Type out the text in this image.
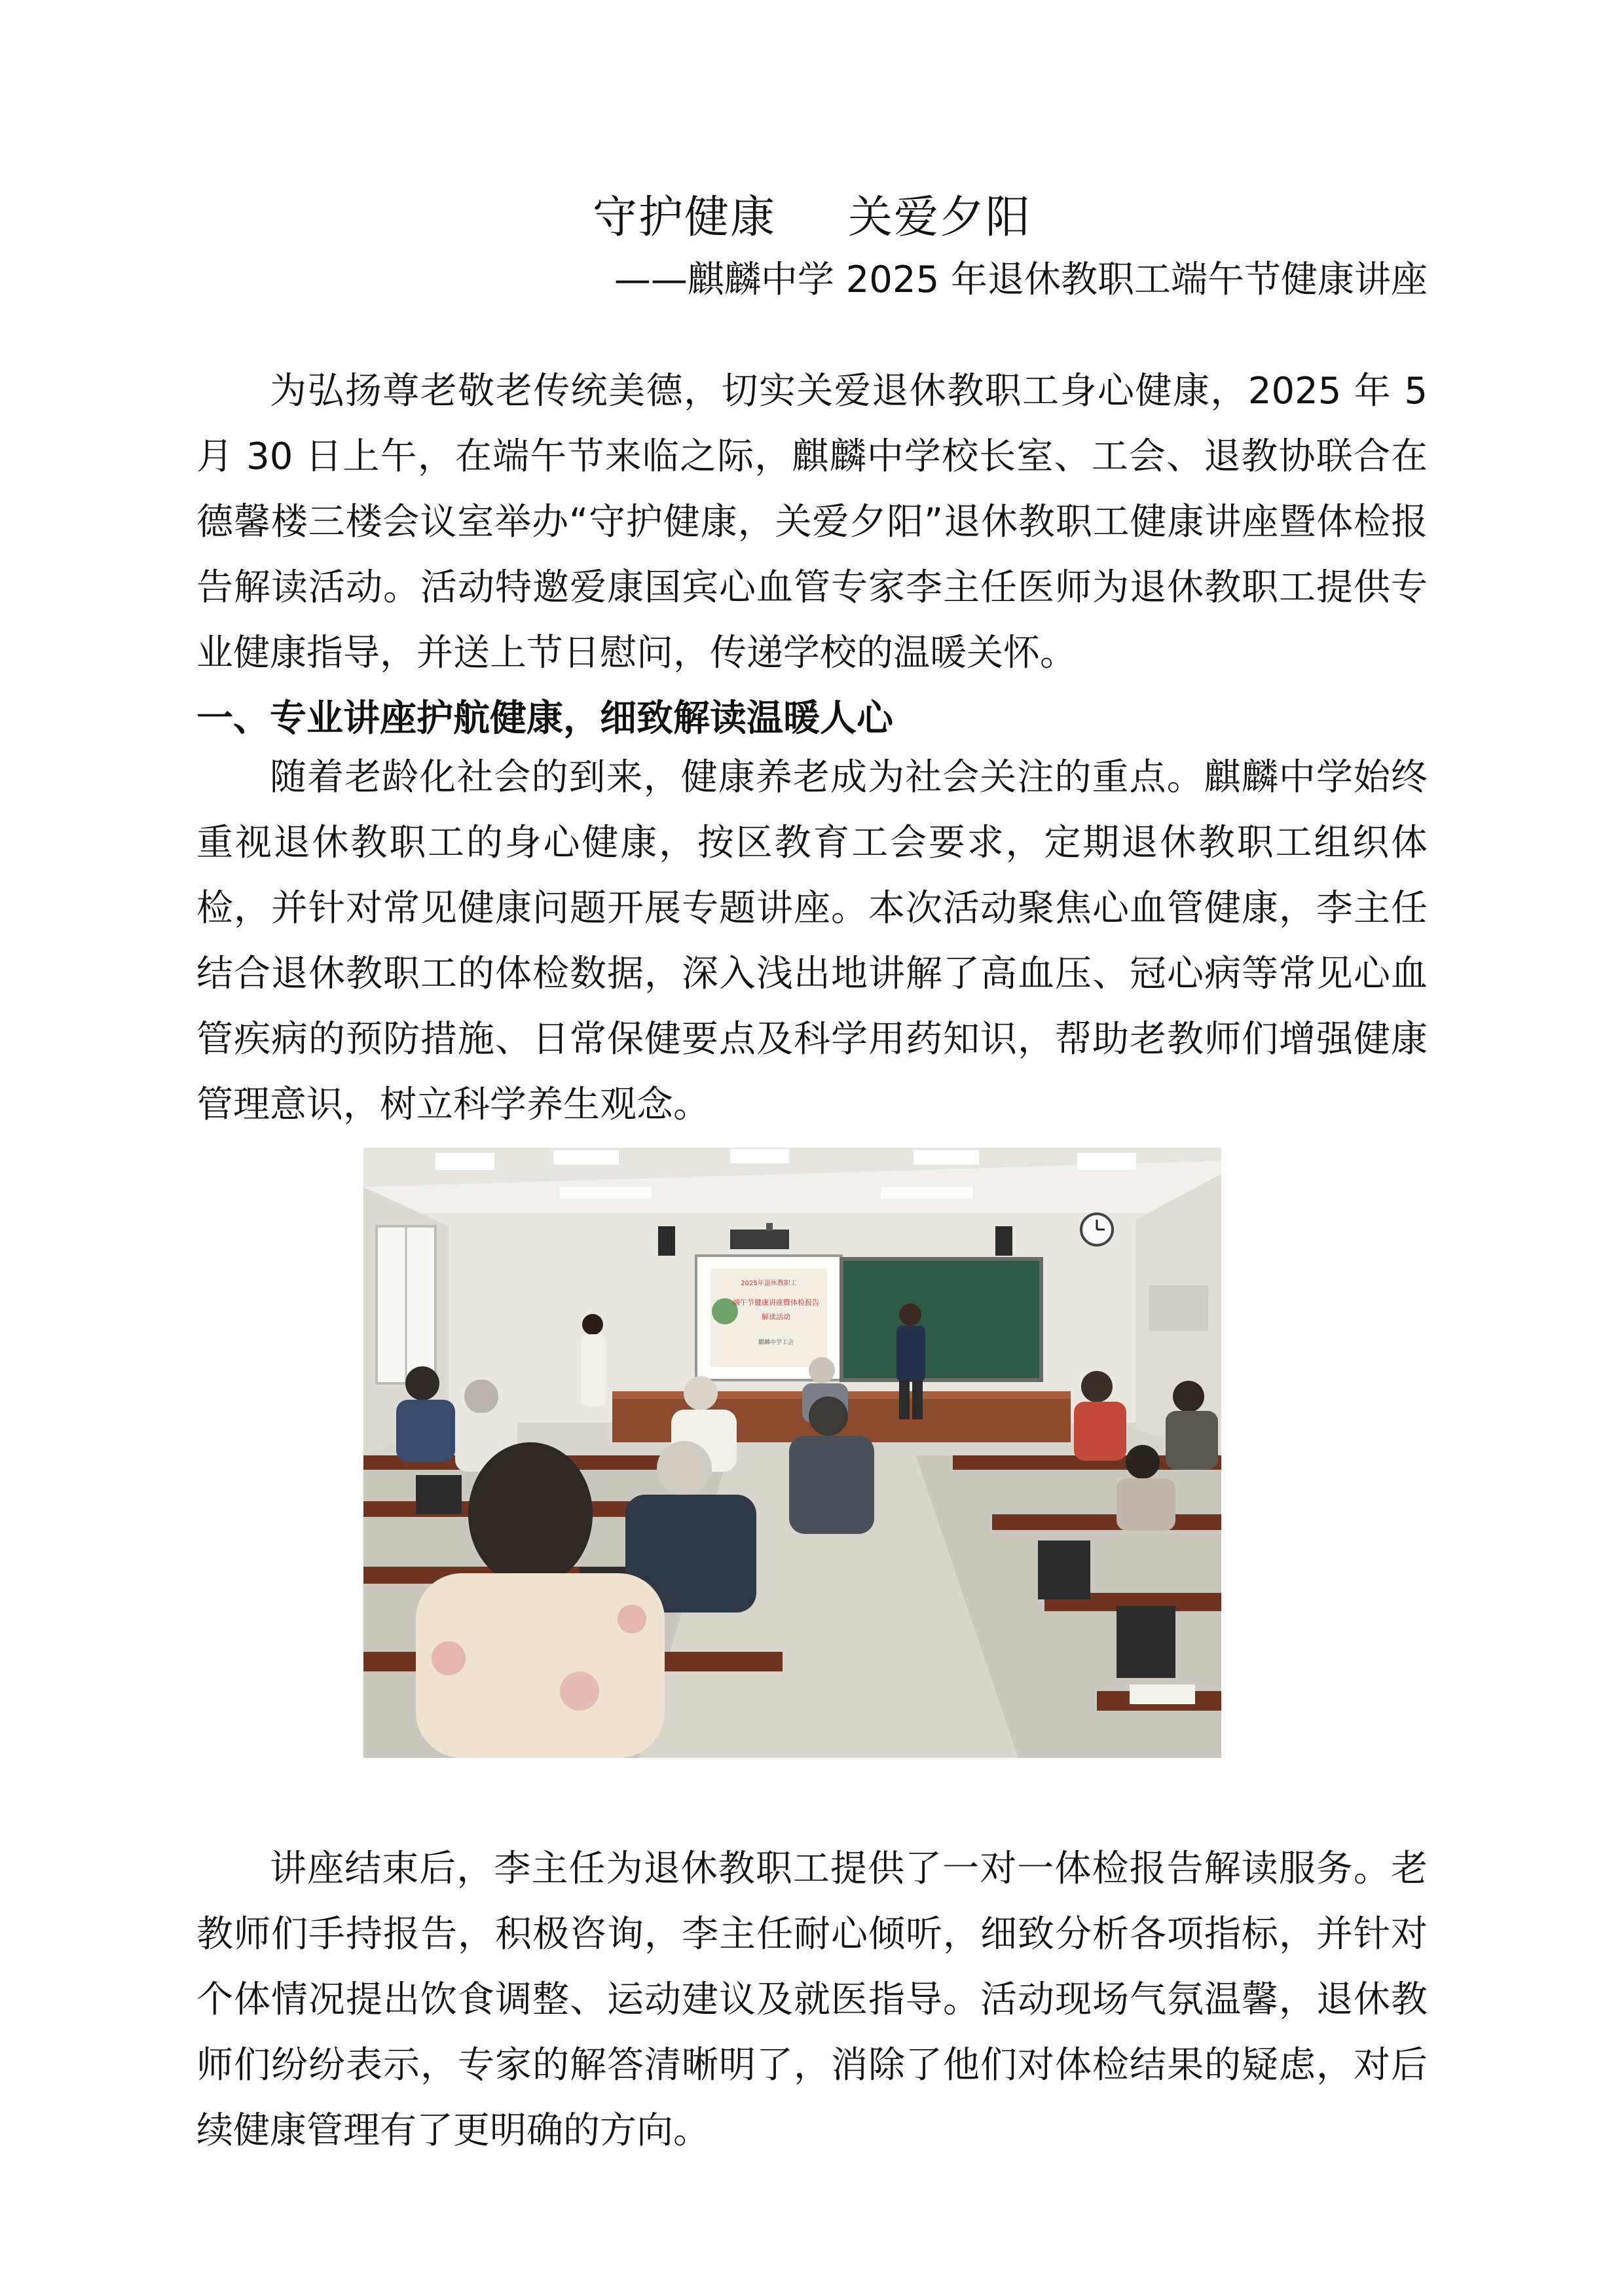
守护健康 关爱夕阳
——麒麟中学 2025 年退休教职工端午节健康讲座

为弘扬尊老敬老传统美德，切实关爱退休教职工身心健康，2025 年 5 月 30 日上午，在端午节来临之际，麒麟中学校长室、工会、退教协联合在德馨楼三楼会议室举办“守护健康，关爱夕阳”退休教职工健康讲座暨体检报告解读活动。活动特邀爱康国宾心血管专家李主任医师为退休教职工提供专业健康指导，并送上节日慰问，传递学校的温暖关怀。

一、专业讲座护航健康，细致解读温暖人心

随着老龄化社会的到来，健康养老成为社会关注的重点。麒麟中学始终重视退休教职工的身心健康，按区教育工会要求，定期退休教职工组织体检，并针对常见健康问题开展专题讲座。本次活动聚焦心血管健康，李主任结合退休教职工的体检数据，深入浅出地讲解了高血压、冠心病等常见心血管疾病的预防措施、日常保健要点及科学用药知识，帮助老教师们增强健康管理意识，树立科学养生观念。

2025年退休教职工
端午节健康讲座暨体检报告
解读活动
麒麟中学工会

讲座结束后，李主任为退休教职工提供了一对一体检报告解读服务。老教师们手持报告，积极咨询，李主任耐心倾听，细致分析各项指标，并针对个体情况提出饮食调整、运动建议及就医指导。活动现场气氛温馨，退休教师们纷纷表示，专家的解答清晰明了，消除了他们对体检结果的疑虑，对后续健康管理有了更明确的方向。
